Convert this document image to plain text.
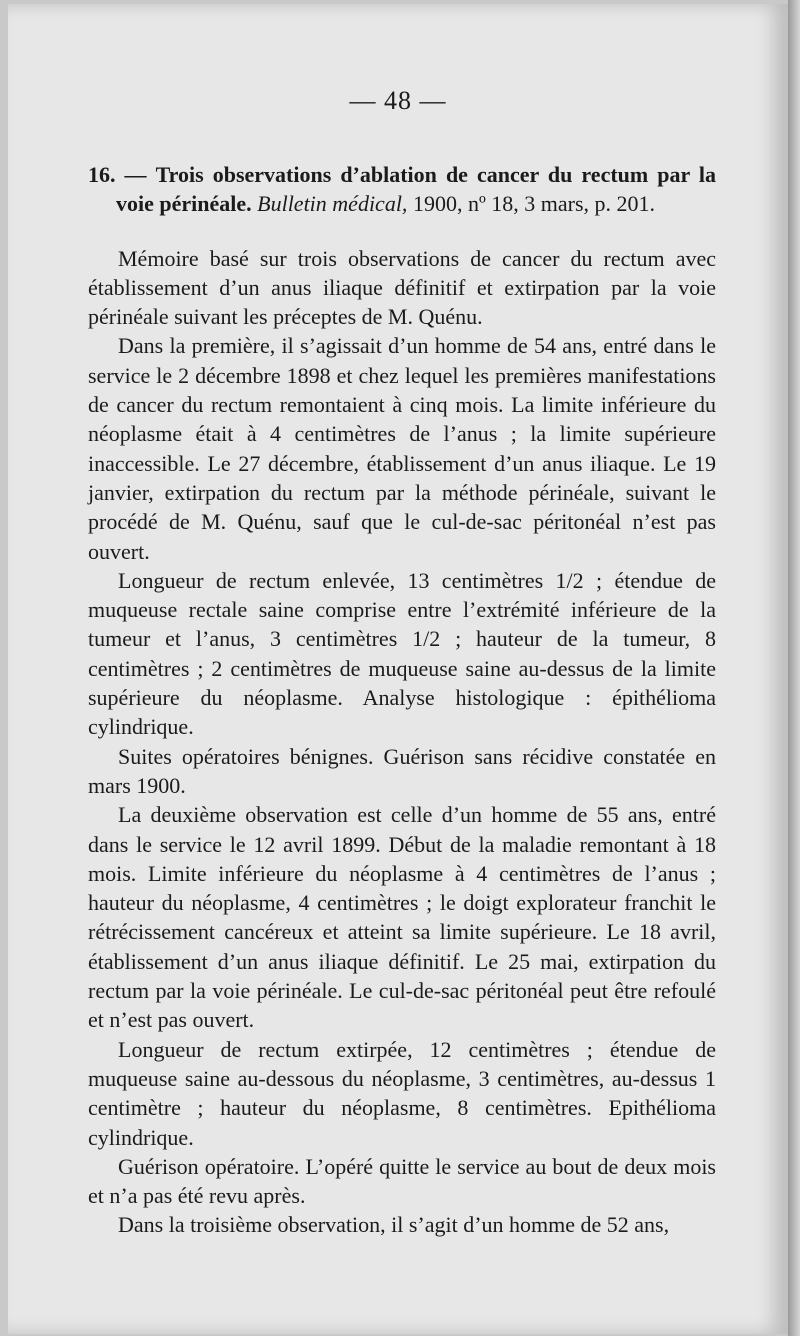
— 48 —

16. — Trois observations d’ablation de cancer du rectum par la voie périnéale. Bulletin médical, 1900, nº 18, 3 mars, p. 201.

Mémoire basé sur trois observations de cancer du rectum avec établissement d’un anus iliaque définitif et extirpation par la voie périnéale suivant les préceptes de M. Quénu.

Dans la première, il s’agissait d’un homme de 54 ans, entré dans le service le 2 décembre 1898 et chez lequel les premières manifestations de cancer du rectum remontaient à cinq mois. La limite inférieure du néoplasme était à 4 centimètres de l’anus ; la limite supérieure inaccessible. Le 27 décembre, établissement d’un anus iliaque. Le 19 janvier, extirpation du rectum par la méthode périnéale, suivant le procédé de M. Quénu, sauf que le cul-de-sac péritonéal n’est pas ouvert.

Longueur de rectum enlevée, 13 centimètres 1/2 ; étendue de muqueuse rectale saine comprise entre l’extrémité inférieure de la tumeur et l’anus, 3 centimètres 1/2 ; hauteur de la tumeur, 8 centimètres ; 2 centimètres de muqueuse saine au-dessus de la limite supérieure du néoplasme. Analyse histologique : épithélioma cylindrique.

Suites opératoires bénignes. Guérison sans récidive constatée en mars 1900.

La deuxième observation est celle d’un homme de 55 ans, entré dans le service le 12 avril 1899. Début de la maladie remontant à 18 mois. Limite inférieure du néoplasme à 4 centimètres de l’anus ; hauteur du néoplasme, 4 centimètres ; le doigt explorateur franchit le rétrécissement cancéreux et atteint sa limite supérieure. Le 18 avril, établissement d’un anus iliaque définitif. Le 25 mai, extirpation du rectum par la voie périnéale. Le cul-de-sac péritonéal peut être refoulé et n’est pas ouvert.

Longueur de rectum extirpée, 12 centimètres ; étendue de muqueuse saine au-dessous du néoplasme, 3 centimètres, au-dessus 1 centimètre ; hauteur du néoplasme, 8 centimètres. Epithélioma cylindrique.

Guérison opératoire. L’opéré quitte le service au bout de deux mois et n’a pas été revu après.

Dans la troisième observation, il s’agit d’un homme de 52 ans,
